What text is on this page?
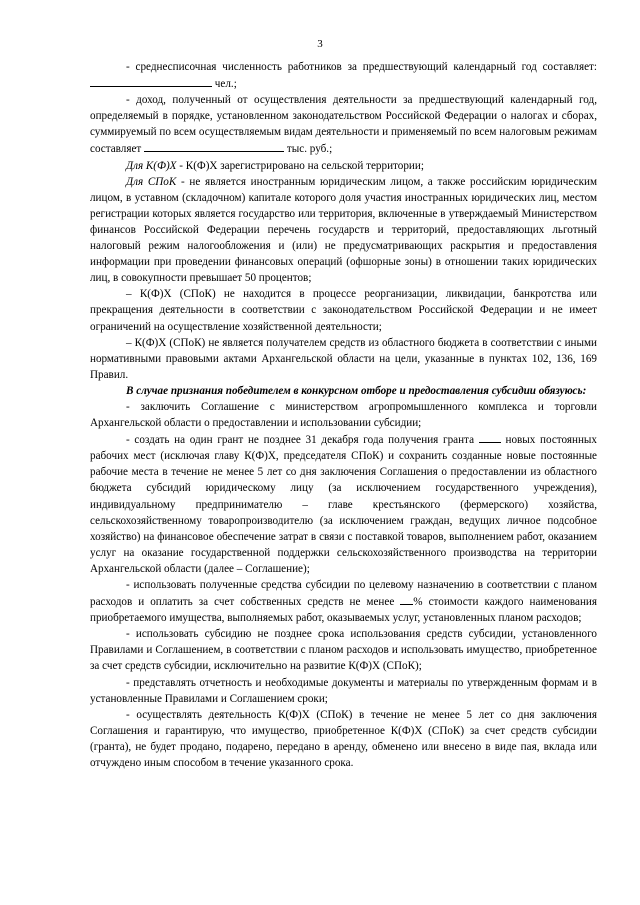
3

- среднесписочная численность работников за предшествующий календарный год составляет:  чел.;

- доход, полученный от осуществления деятельности за предшествующий календарный год, определяемый в порядке, установленном законодательством Российской Федерации о налогах и сборах, суммируемый по всем осуществляемым видам деятельности и применяемый по всем налоговым режимам составляет	тыс. руб.;

Для К(Ф)Х - К(Ф)Х зарегистрировано на сельской территории;

Для СПоК - не является иностранным юридическим лицом, а также российским юридическим лицом, в уставном (складочном) капитале которого доля участия иностранных юридических лиц, местом регистрации которых является государство или территория, включенные в утверждаемый Министерством финансов Российской Федерации перечень государств и территорий, предоставляющих льготный налоговый режим налогообложения и (или) не предусматривающих раскрытия и предоставления информации при проведении финансовых операций (офшорные зоны) в отношении таких юридических лиц, в совокупности превышает 50 процентов;

– К(Ф)Х (СПоК) не находится в процессе реорганизации, ликвидации, банкротства или прекращения деятельности в соответствии с законодательством Российской Федерации и не имеет ограничений на осуществление хозяйственной деятельности;

– К(Ф)Х (СПоК) не является получателем средств из областного бюджета в соответствии с иными нормативными правовыми актами Архангельской области на цели, указанные в пунктах 102, 136, 169 Правил.

В случае признания победителем в конкурсном отборе и предоставления субсидии обязуюсь:

- заключить Соглашение с министерством агропромышленного комплекса и торговли Архангельской области о предоставлении и использовании субсидии;

- создать на один грант не позднее 31 декабря года получения гранта	новых постоянных рабочих мест (исключая главу К(Ф)Х, председателя СПоК) и сохранить созданные новые постоянные рабочие места в течение не менее 5 лет со дня заключения Соглашения о предоставлении из областного бюджета субсидий юридическому лицу (за исключением государственного учреждения), индивидуальному предпринимателю – главе крестьянского (фермерского) хозяйства, сельскохозяйственному товаропроизводителю (за исключением граждан, ведущих личное подсобное хозяйство) на финансовое обеспечение затрат в связи с поставкой товаров, выполнением работ, оказанием услуг на оказание государственной поддержки сельскохозяйственного производства на территории Архангельской области (далее – Соглашение);

- использовать полученные средства субсидии по целевому назначению в соответствии с планом расходов и оплатить за счет собственных средств не менее % стоимости каждого наименования приобретаемого имущества, выполняемых работ, оказываемых услуг, установленных планом расходов;

- использовать субсидию не позднее срока использования средств субсидии, установленного Правилами и Соглашением, в соответствии с планом расходов и использовать имущество, приобретенное за счет средств субсидии, исключительно на развитие К(Ф)Х (СПоК);

- представлять отчетность и необходимые документы и материалы по утвержденным формам и в установленные Правилами и Соглашением сроки;

- осуществлять деятельность К(Ф)Х (СПоК) в течение не менее 5 лет со дня заключения Соглашения и гарантирую, что имущество, приобретенное К(Ф)Х (СПоК) за счет средств субсидии (гранта), не будет продано, подарено, передано в аренду, обменено или внесено в виде пая, вклада или отчуждено иным способом в течение указанного срока.
